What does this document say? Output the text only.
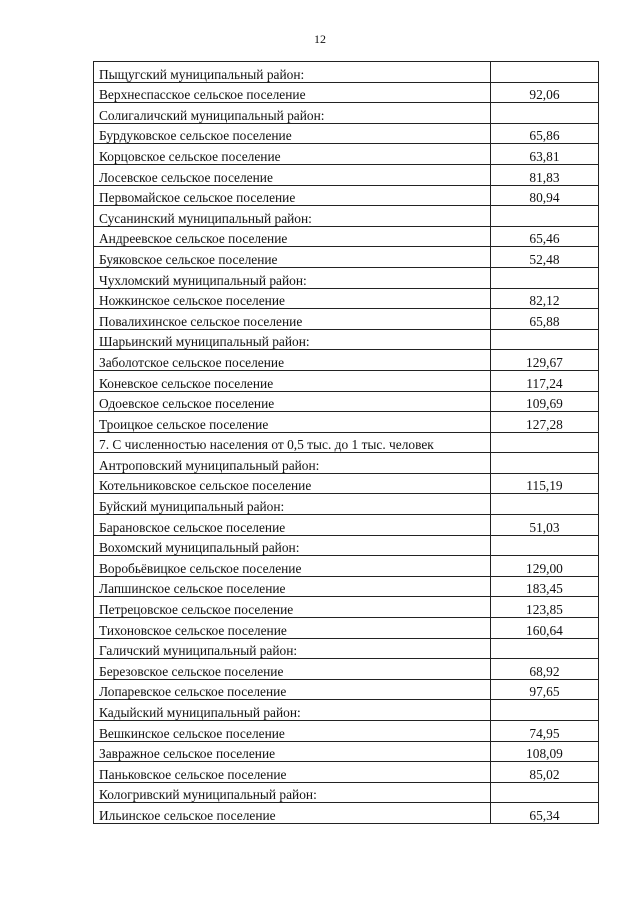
12
Пыщугский муниципальный район:	
Верхнеспасское сельское поселение	92,06
Солигаличский муниципальный район:	
Бурдуковское сельское поселение	65,86
Корцовское сельское поселение	63,81
Лосевское сельское поселение	81,83
Первомайское сельское поселение	80,94
Сусанинский муниципальный район:	
Андреевское сельское поселение	65,46
Буяковское сельское поселение	52,48
Чухломский муниципальный район:	
Ножкинское сельское поселение	82,12
Повалихинское сельское поселение	65,88
Шарьинский муниципальный район:	
Заболотское сельское поселение	129,67
Коневское сельское поселение	117,24
Одоевское сельское поселение	109,69
Троицкое сельское поселение	127,28
7. С численностью населения от 0,5 тыс. до 1 тыс. человек	
Антроповский муниципальный район:	
Котельниковское сельское поселение	115,19
Буйский муниципальный район:	
Барановское сельское поселение	51,03
Вохомский муниципальный район:	
Воробьёвицкое сельское поселение	129,00
Лапшинское сельское поселение	183,45
Петрецовское сельское поселение	123,85
Тихоновское сельское поселение	160,64
Галичский муниципальный район:	
Березовское сельское поселение	68,92
Лопаревское сельское поселение	97,65
Кадыйский муниципальный район:	
Вешкинское сельское поселение	74,95
Завражное сельское поселение	108,09
Паньковское сельское поселение	85,02
Кологривский муниципальный район:	
Ильинское сельское поселение	65,34
